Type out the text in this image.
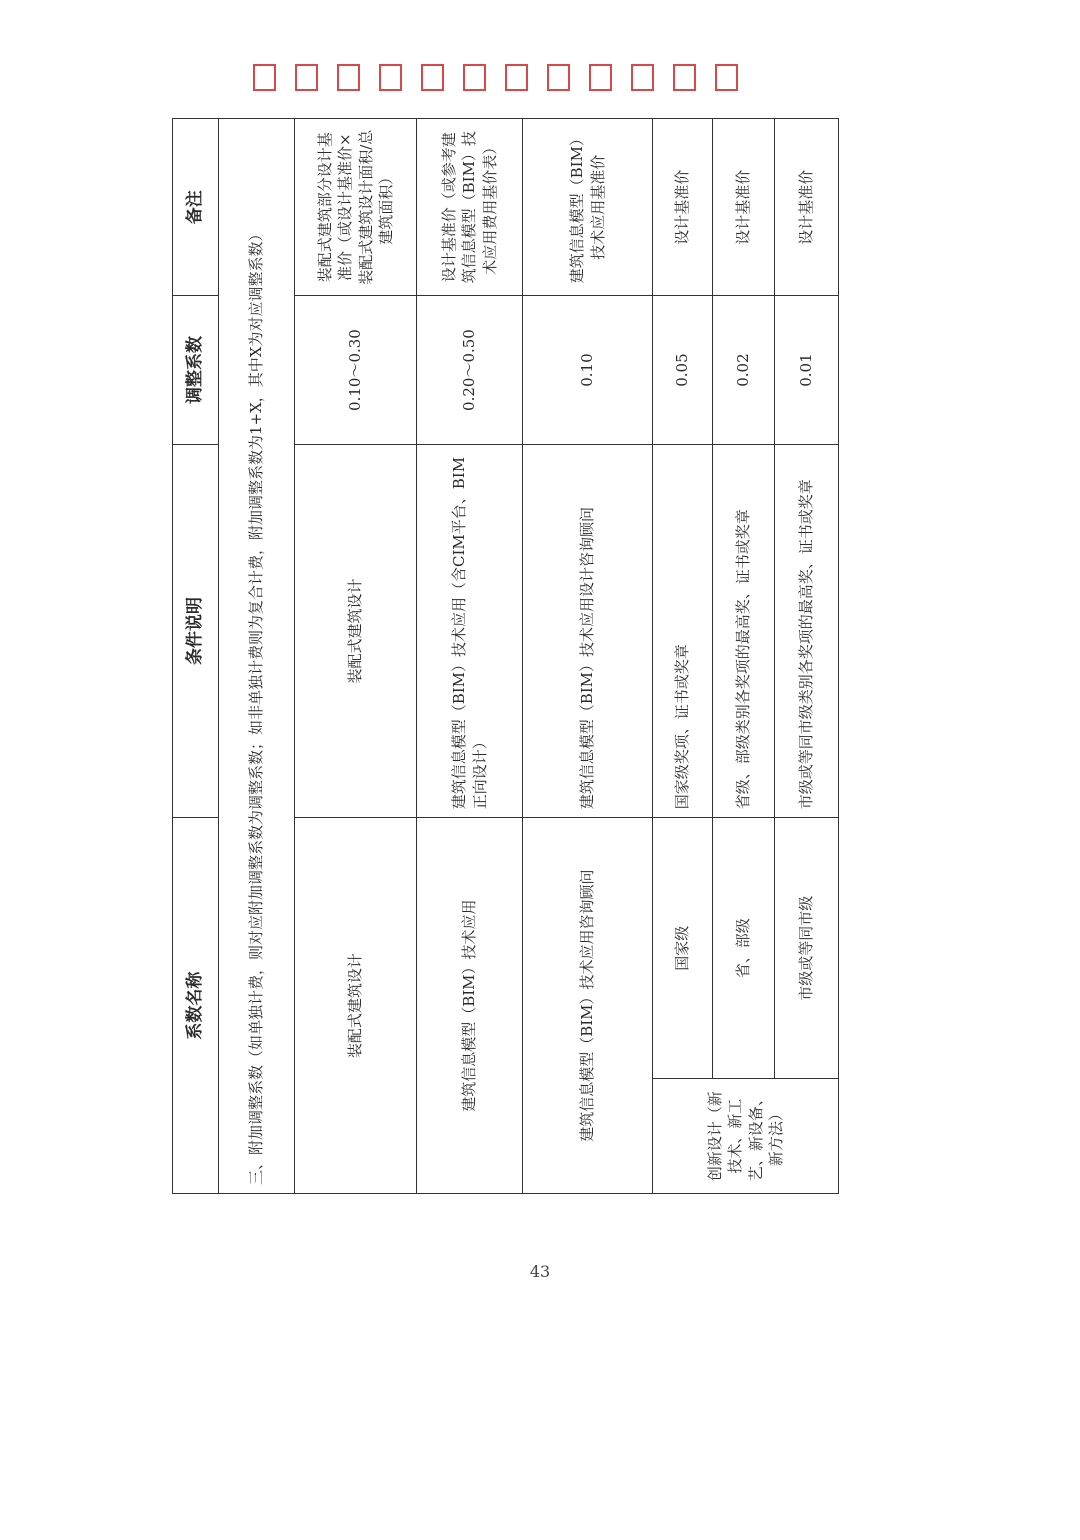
系数名称		条件说明	调整系数	备注
三、附加调整系数（如单独计费，则对应附加调整系数为调整系数；如非单独计费则为复合计费，附加调整系数为1+X，其中X为对应调整系数）				
装配式建筑设计		装配式建筑设计	0.10～0.30	装配式建筑部分设计基准价（或设计基准价×装配式建筑设计面积/总建筑面积）
建筑信息模型（BIM）技术应用		建筑信息模型（BIM）技术应用（含CIM平台、BIM正向设计）	0.20～0.50	设计基准价（或参考建筑信息模型（BIM）技术应用费用基价表）
建筑信息模型（BIM）技术应用咨询顾问		建筑信息模型（BIM）技术应用设计咨询顾问	0.10	建筑信息模型（BIM）技术应用基准价
创新设计（新技术、新工艺、新设备、新方法）	国家级	国家级奖项、证书或奖章	0.05	设计基准价
	省、部级	省级、部级类别各奖项的最高奖、证书或奖章	0.02	设计基准价
	市级或等同市级	市级或等同市级类别各奖项的最高奖、证书或奖章	0.01	设计基准价
43
